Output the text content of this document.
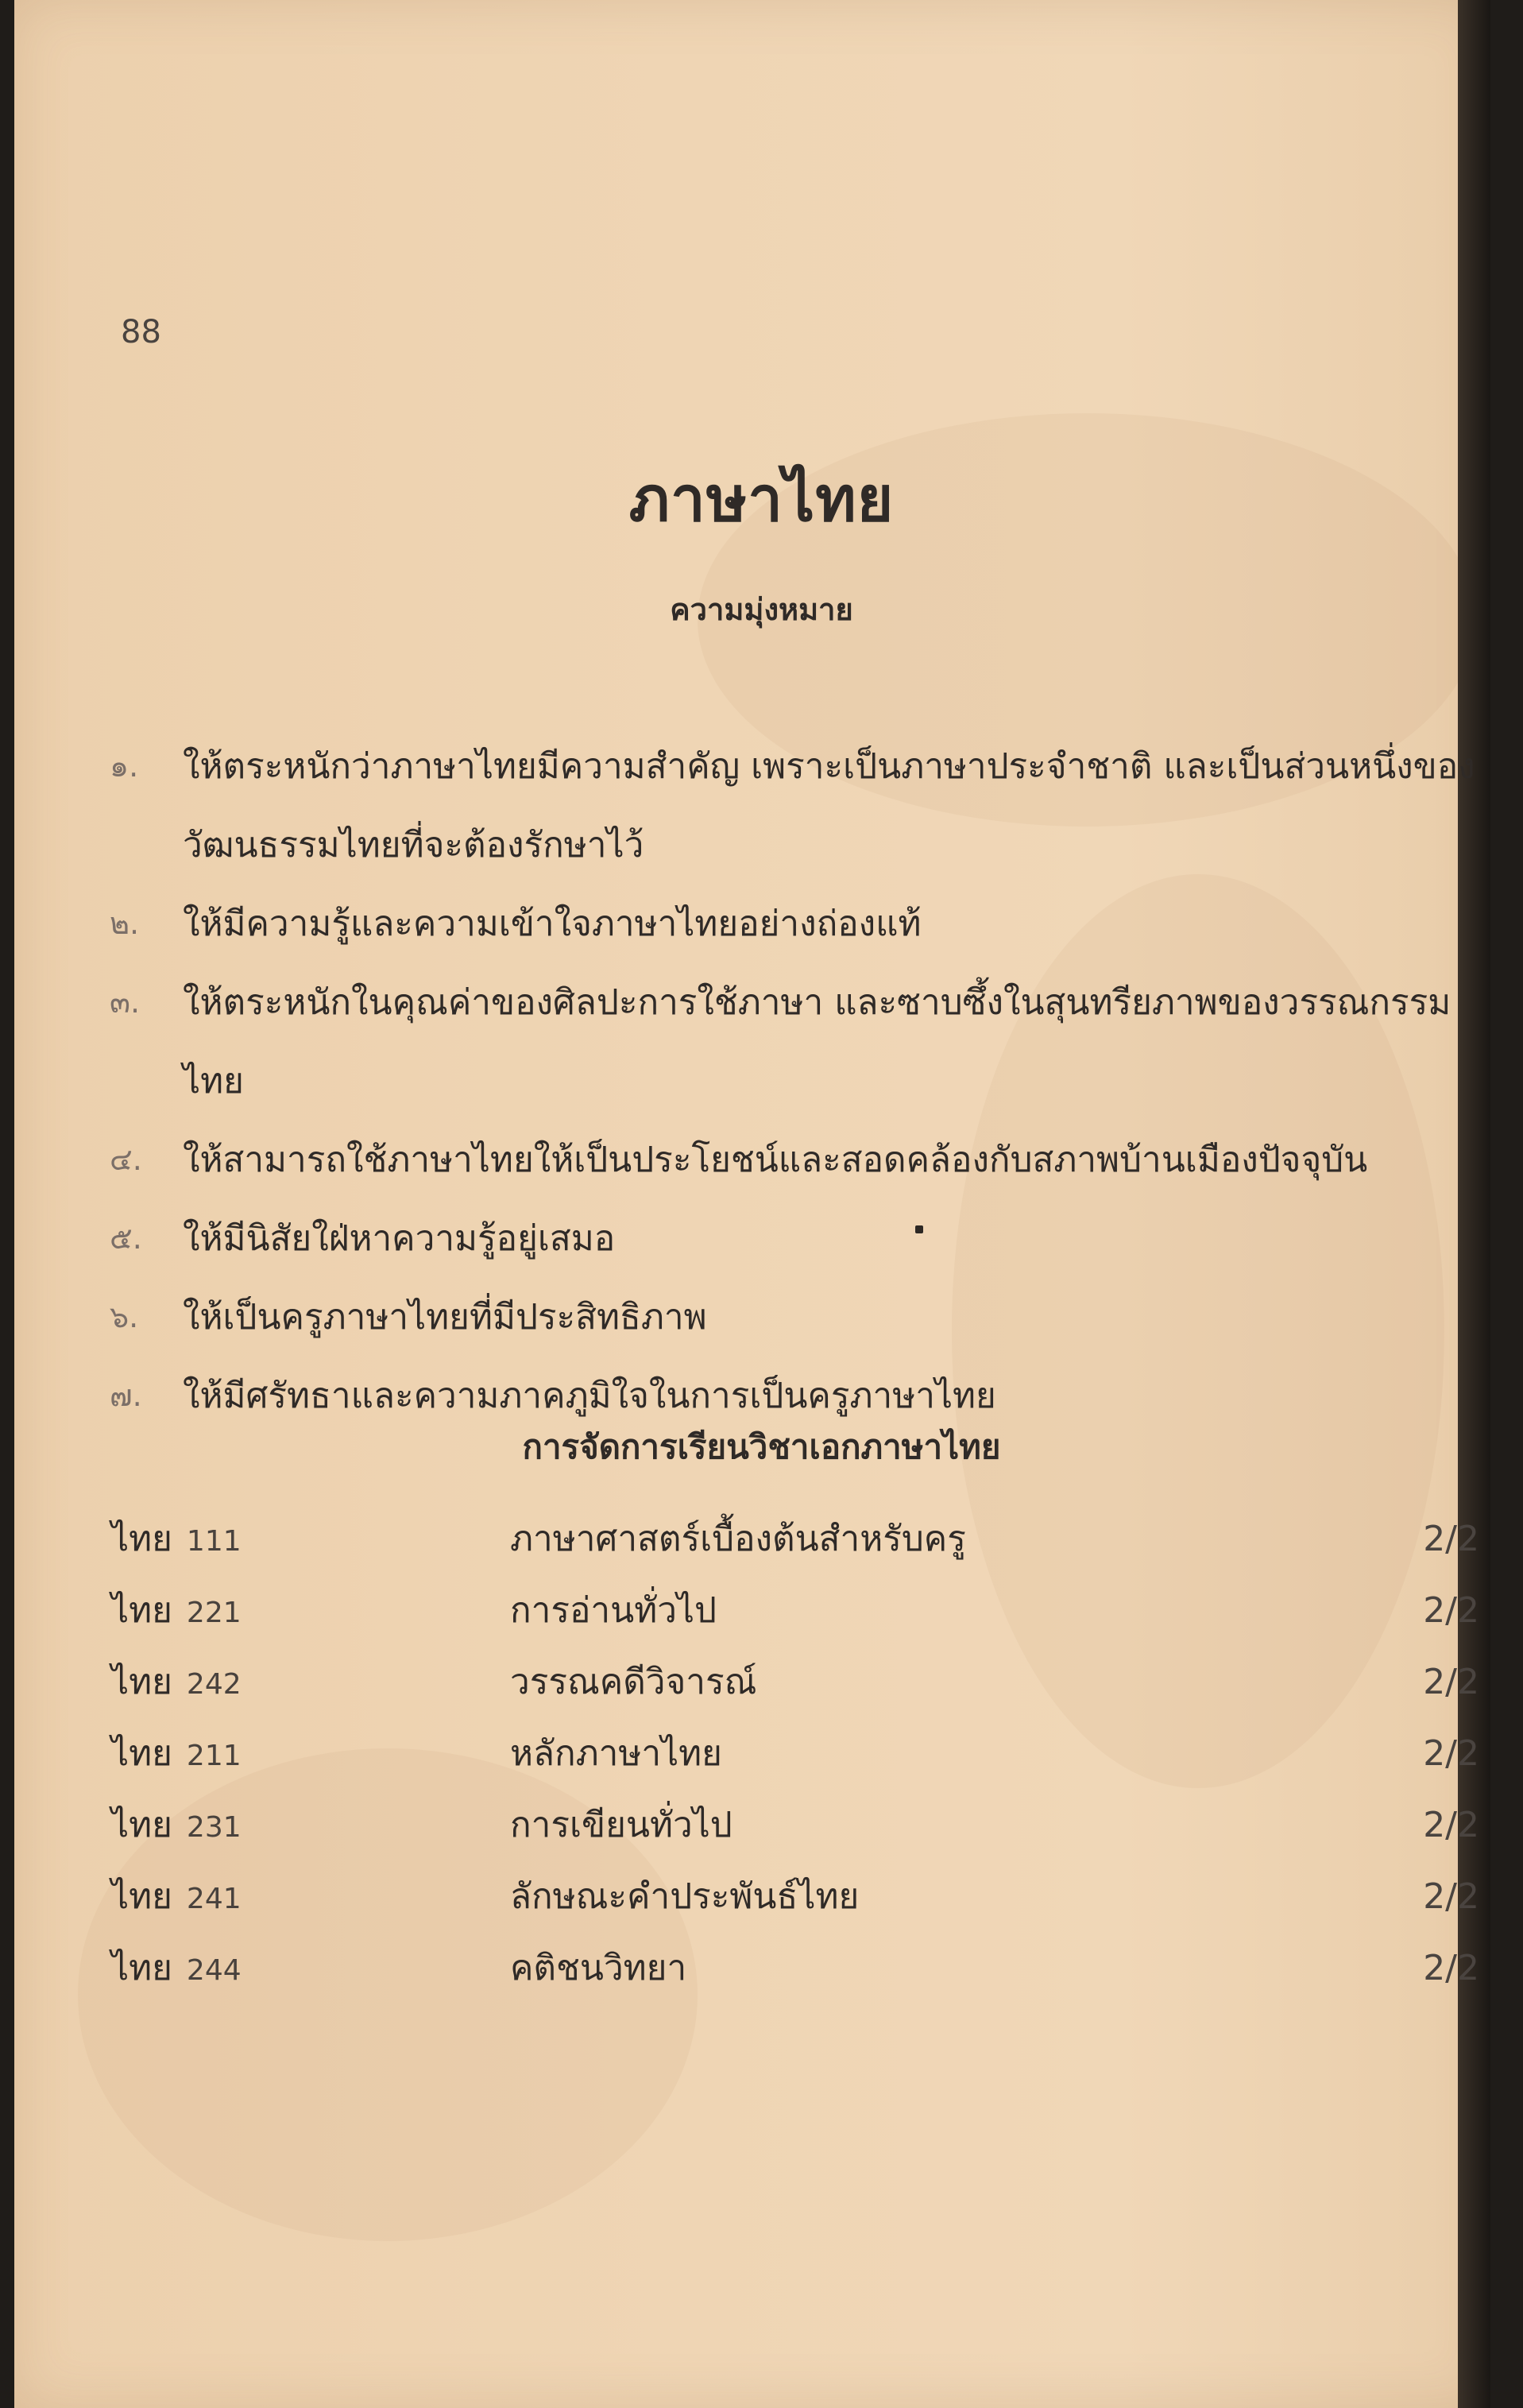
88
ภาษาไทย
ความมุ่งหมาย
๑.	ให้ตระหนักว่าภาษาไทยมีความสำคัญ เพราะเป็นภาษาประจำชาติ และเป็นส่วนหนึ่งของวัฒนธรรมไทยที่จะต้องรักษาไว้
๒.	ให้มีความรู้และความเข้าใจภาษาไทยอย่างถ่องแท้
๓.	ให้ตระหนักในคุณค่าของศิลปะการใช้ภาษา และซาบซึ้งในสุนทรียภาพของวรรณกรรมไทย
๔.	ให้สามารถใช้ภาษาไทยให้เป็นประโยชน์และสอดคล้องกับสภาพบ้านเมืองปัจจุบัน
๕.	ให้มีนิสัยใฝ่หาความรู้อยู่เสมอ
๖.	ให้เป็นครูภาษาไทยที่มีประสิทธิภาพ
๗.	ให้มีศรัทธาและความภาคภูมิใจในการเป็นครูภาษาไทย
การจัดการเรียนวิชาเอกภาษาไทย
ไทย 111	ภาษาศาสตร์เบื้องต้นสำหรับครู	2/2
ไทย 221	การอ่านทั่วไป	2/2
ไทย 242	วรรณคดีวิจารณ์	2/2
ไทย 211	หลักภาษาไทย	2/2
ไทย 231	การเขียนทั่วไป	2/2
ไทย 241	ลักษณะคำประพันธ์ไทย	2/2
ไทย 244	คติชนวิทยา	2/2
